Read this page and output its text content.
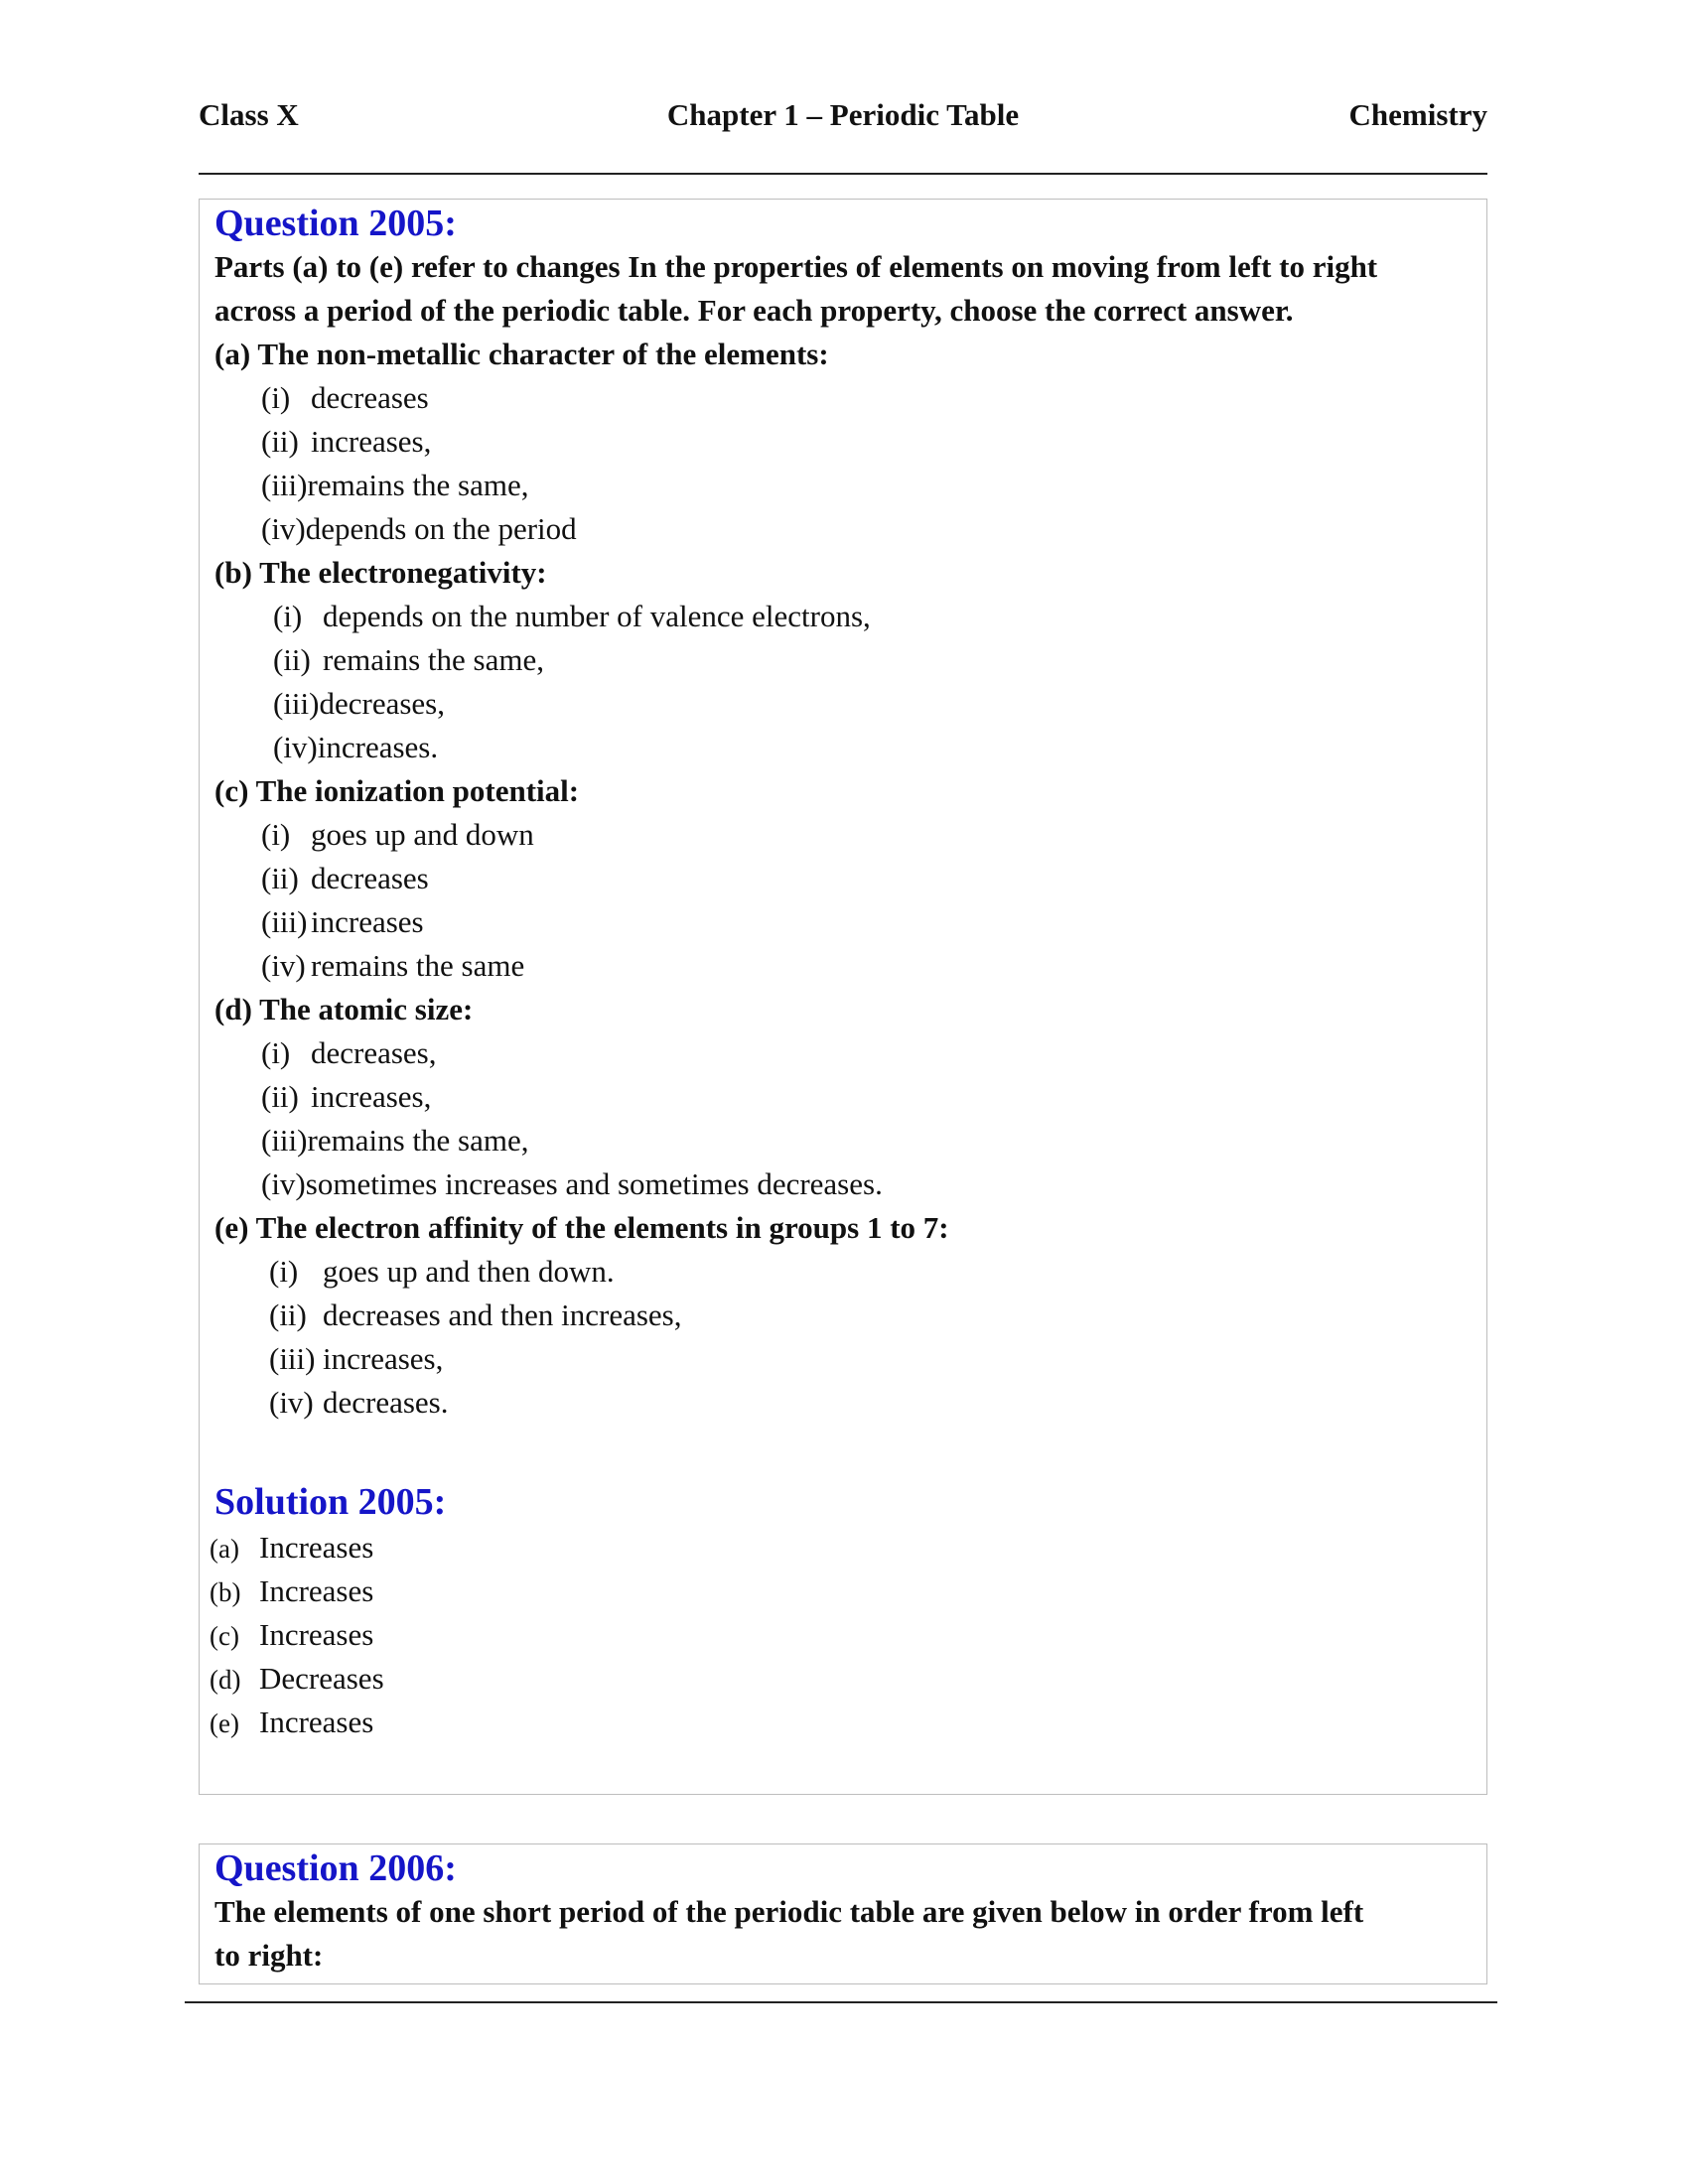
Class X	Chapter 1 – Periodic Table	Chemistry
Question 2005:
Parts (a) to (e) refer to changes In the properties of elements on moving from left to right
across a period of the periodic table. For each property, choose the correct answer.
(a) The non-metallic character of the elements:
(i) decreases
(ii) increases,
(iii)remains the same,
(iv)depends on the period
(b) The electronegativity:
(i) depends on the number of valence electrons,
(ii) remains the same,
(iii)decreases,
(iv)increases.
(c) The ionization potential:
(i) goes up and down
(ii) decreases
(iii) increases
(iv) remains the same
(d) The atomic size:
(i) decreases,
(ii) increases,
(iii)remains the same,
(iv)sometimes increases and sometimes decreases.
(e) The electron affinity of the elements in groups 1 to 7:
(i) goes up and then down.
(ii) decreases and then increases,
(iii) increases,
(iv) decreases.
Solution 2005:
(a) Increases
(b) Increases
(c) Increases
(d) Decreases
(e) Increases
Question 2006:
The elements of one short period of the periodic table are given below in order from left
to right:
